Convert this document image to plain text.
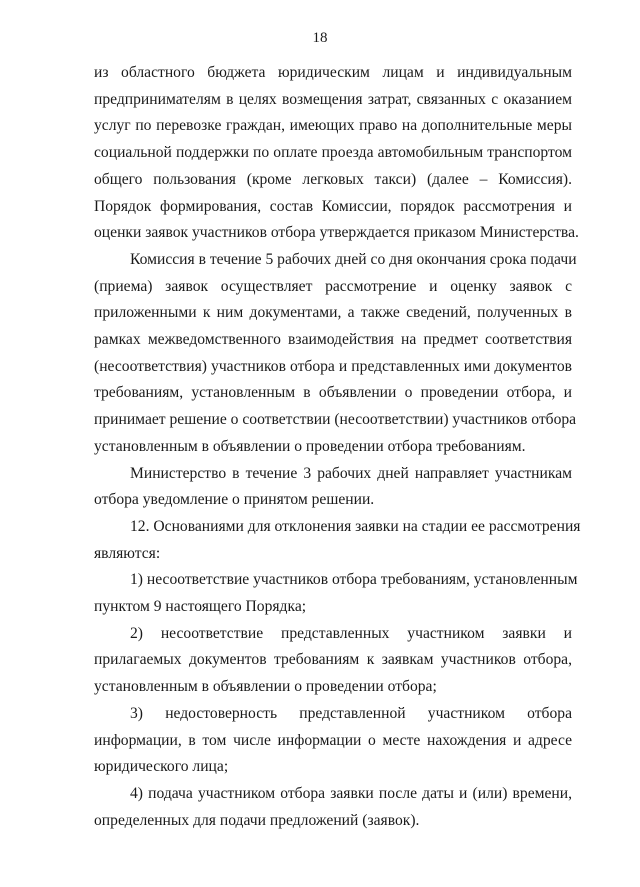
18
из областного бюджета юридическим лицам и индивидуальным
предпринимателям в целях возмещения затрат, связанных с оказанием
услуг по перевозке граждан, имеющих право на дополнительные меры
социальной поддержки по оплате проезда автомобильным транспортом
общего пользования (кроме легковых такси) (далее – Комиссия).
Порядок формирования, состав Комиссии, порядок рассмотрения и
оценки заявок участников отбора утверждается приказом Министерства.
Комиссия в течение 5 рабочих дней со дня окончания срока подачи
(приема) заявок осуществляет рассмотрение и оценку заявок с
приложенными к ним документами, а также сведений, полученных в
рамках межведомственного взаимодействия на предмет соответствия
(несоответствия) участников отбора и представленных ими документов
требованиям, установленным в объявлении о проведении отбора, и
принимает решение о соответствии (несоответствии) участников отбора
установленным в объявлении о проведении отбора требованиям.
Министерство в течение 3 рабочих дней направляет участникам
отбора уведомление о принятом решении.
12. Основаниями для отклонения заявки на стадии ее рассмотрения
являются:
1) несоответствие участников отбора требованиям, установленным
пунктом 9 настоящего Порядка;
2) несоответствие представленных участником заявки и
прилагаемых документов требованиям к заявкам участников отбора,
установленным в объявлении о проведении отбора;
3) недостоверность представленной участником отбора
информации, в том числе информации о месте нахождения и адресе
юридического лица;
4) подача участником отбора заявки после даты и (или) времени,
определенных для подачи предложений (заявок).
